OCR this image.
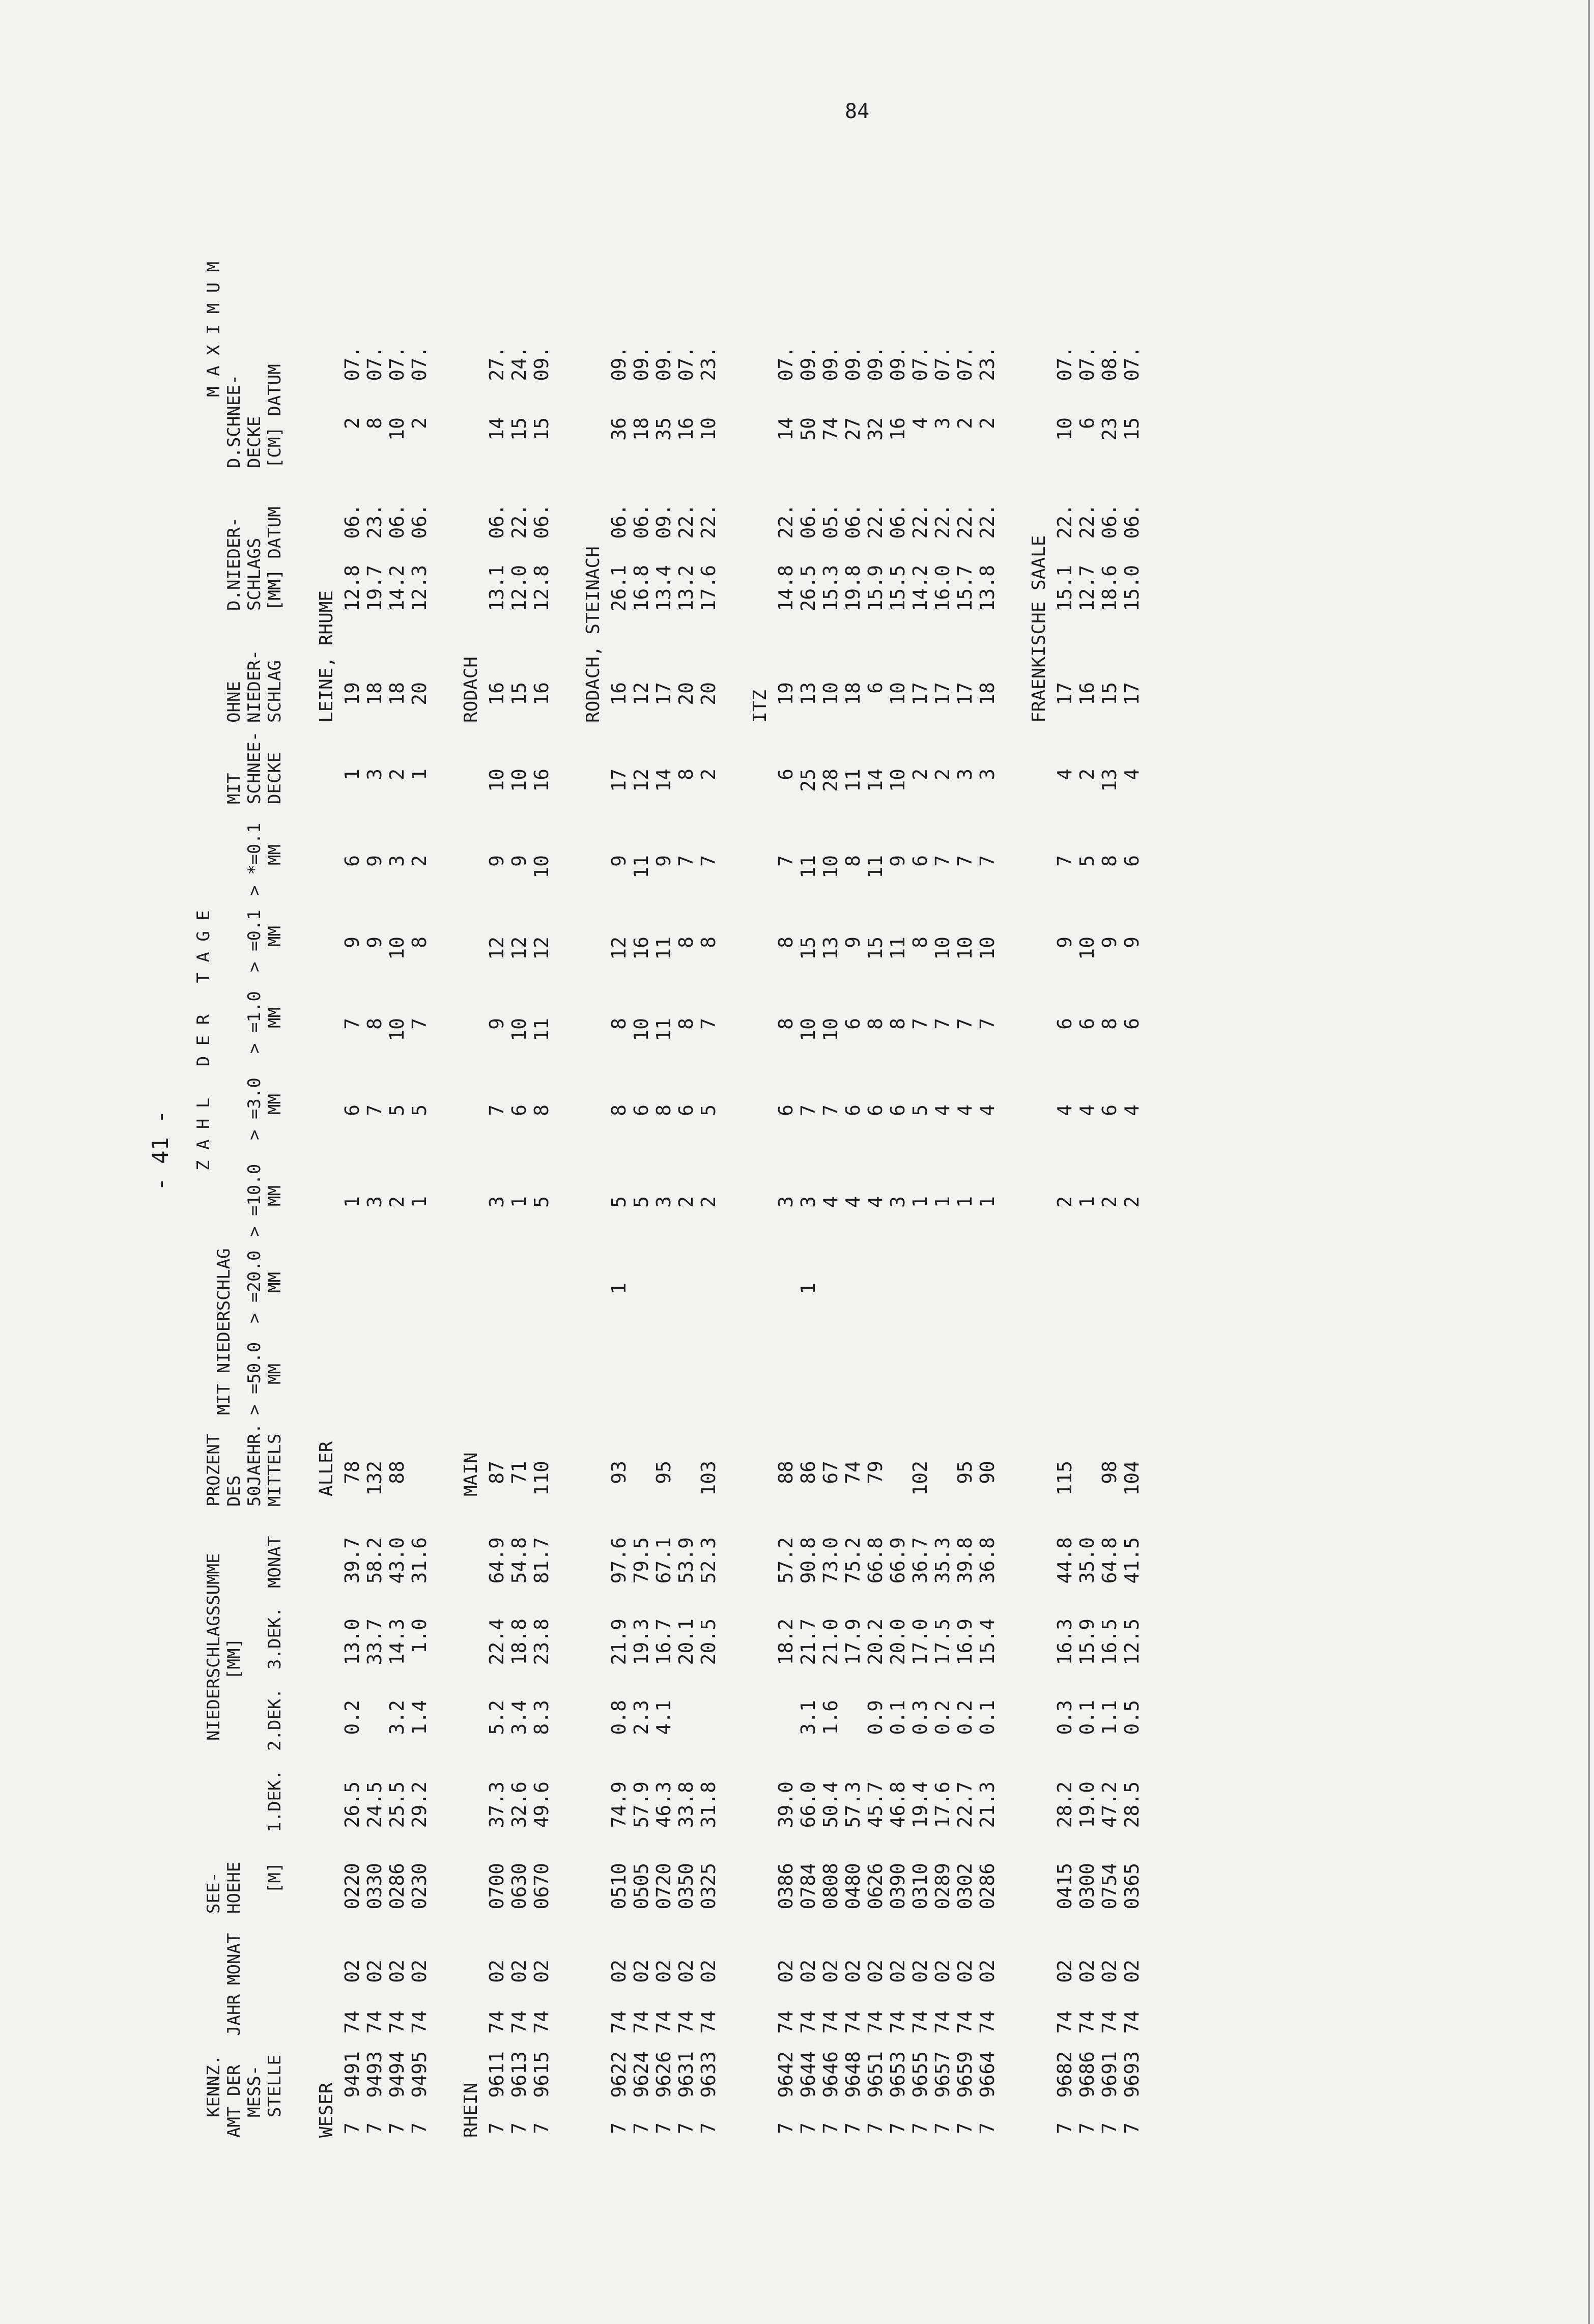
84
- 41 -
KENNZ. AMT DER MESS- STELLE
JAHR
MONAT
SEE- HOEHE [M]
NIEDERSCHLAGSSUMME [MM]
1.DEK.
2.DEK.
3.DEK.
MONAT
PROZENT DES 50JAEHR. MITTELS
Z A H L   D E R   T A G E
MIT NIEDERSCHLAG > =50.0
> =20.0
> =10.0
> =3.0
> =1.0
> =0.1
> *=0.1
MM
MM
MM
MM
MM
MM
MM
MIT SCHNEE- DECKE
OHNE NIEDER- SCHLAG
M A X I M U M
D.NIEDER- SCHLAGS [MM] DATUM
D.SCHNEE- DECKE [CM] DATUM
WESER
ALLER
LEINE, RHUME
7
9491
74
02
0220
26.5
0.2
13.0
39.7
78
1
6
7
9
6
1
19
12.8
06.
2
07.
7
9493
74
02
0330
24.5
33.7
58.2
132
3
7
8
9
9
3
18
19.7
23.
8
07.
7
9494
74
02
0286
25.5
3.2
14.3
43.0
88
2
5
10
10
3
2
18
14.2
06.
10
07.
7
9495
74
02
0230
29.2
1.4
1.0
31.6
1
5
7
8
2
1
20
12.3
06.
2
07.
RHEIN
MAIN
RODACH
7
9611
74
02
0700
37.3
5.2
22.4
64.9
87
3
7
9
12
9
10
16
13.1
06.
14
27.
7
9613
74
02
0630
32.6
3.4
18.8
54.8
71
1
6
10
12
9
10
15
12.0
22.
15
24.
7
9615
74
02
0670
49.6
8.3
23.8
81.7
110
5
8
11
12
10
16
16
12.8
06.
15
09.
RODACH, STEINACH
7
9622
74
02
0510
74.9
0.8
21.9
97.6
93
1
5
8
8
12
9
17
16
26.1
06.
36
09.
7
9624
74
02
0505
57.9
2.3
19.3
79.5
5
6
10
16
11
12
12
16.8
06.
18
09.
7
9626
74
02
0720
46.3
4.1
16.7
67.1
95
3
8
11
11
9
14
17
13.4
09.
35
09.
7
9631
74
02
0350
33.8
20.1
53.9
2
6
8
8
7
8
20
13.2
22.
16
07.
7
9633
74
02
0325
31.8
20.5
52.3
103
2
5
7
8
7
2
20
17.6
22.
10
23.
ITZ
7
9642
74
02
0386
39.0
18.2
57.2
88
3
6
8
8
7
6
19
14.8
22.
14
07.
7
9644
74
02
0784
66.0
3.1
21.7
90.8
86
1
3
7
10
15
11
25
13
26.5
06.
50
09.
7
9646
74
02
0808
50.4
1.6
21.0
73.0
67
4
7
10
13
10
28
10
15.3
05.
74
09.
7
9648
74
02
0480
57.3
17.9
75.2
74
4
6
6
9
8
11
18
19.8
06.
27
09.
7
9651
74
02
0626
45.7
0.9
20.2
66.8
79
4
6
8
15
11
14
6
15.9
22.
32
09.
7
9653
74
02
0390
46.8
0.1
20.0
66.9
3
6
8
11
9
10
10
15.5
06.
16
09.
7
9655
74
02
0310
19.4
0.3
17.0
36.7
102
1
5
7
8
6
2
17
14.2
22.
4
07.
7
9657
74
02
0289
17.6
0.2
17.5
35.3
1
4
7
10
7
2
17
16.0
22.
3
07.
7
9659
74
02
0302
22.7
0.2
16.9
39.8
95
1
4
7
10
7
3
17
15.7
22.
2
07.
7
9664
74
02
0286
21.3
0.1
15.4
36.8
90
1
4
7
10
7
3
18
13.8
22.
2
23.
FRAENKISCHE SAALE
7
9682
74
02
0415
28.2
0.3
16.3
44.8
115
2
4
6
9
7
4
17
15.1
22.
10
07.
7
9686
74
02
0300
19.0
0.1
15.9
35.0
1
4
6
10
5
2
16
12.7
22.
6
07.
7
9691
74
02
0754
47.2
1.1
16.5
64.8
98
2
6
8
9
8
13
15
18.6
06.
23
08.
7
9693
74
02
0365
28.5
0.5
12.5
41.5
104
2
4
6
9
6
4
17
15.0
06.
15
07.
